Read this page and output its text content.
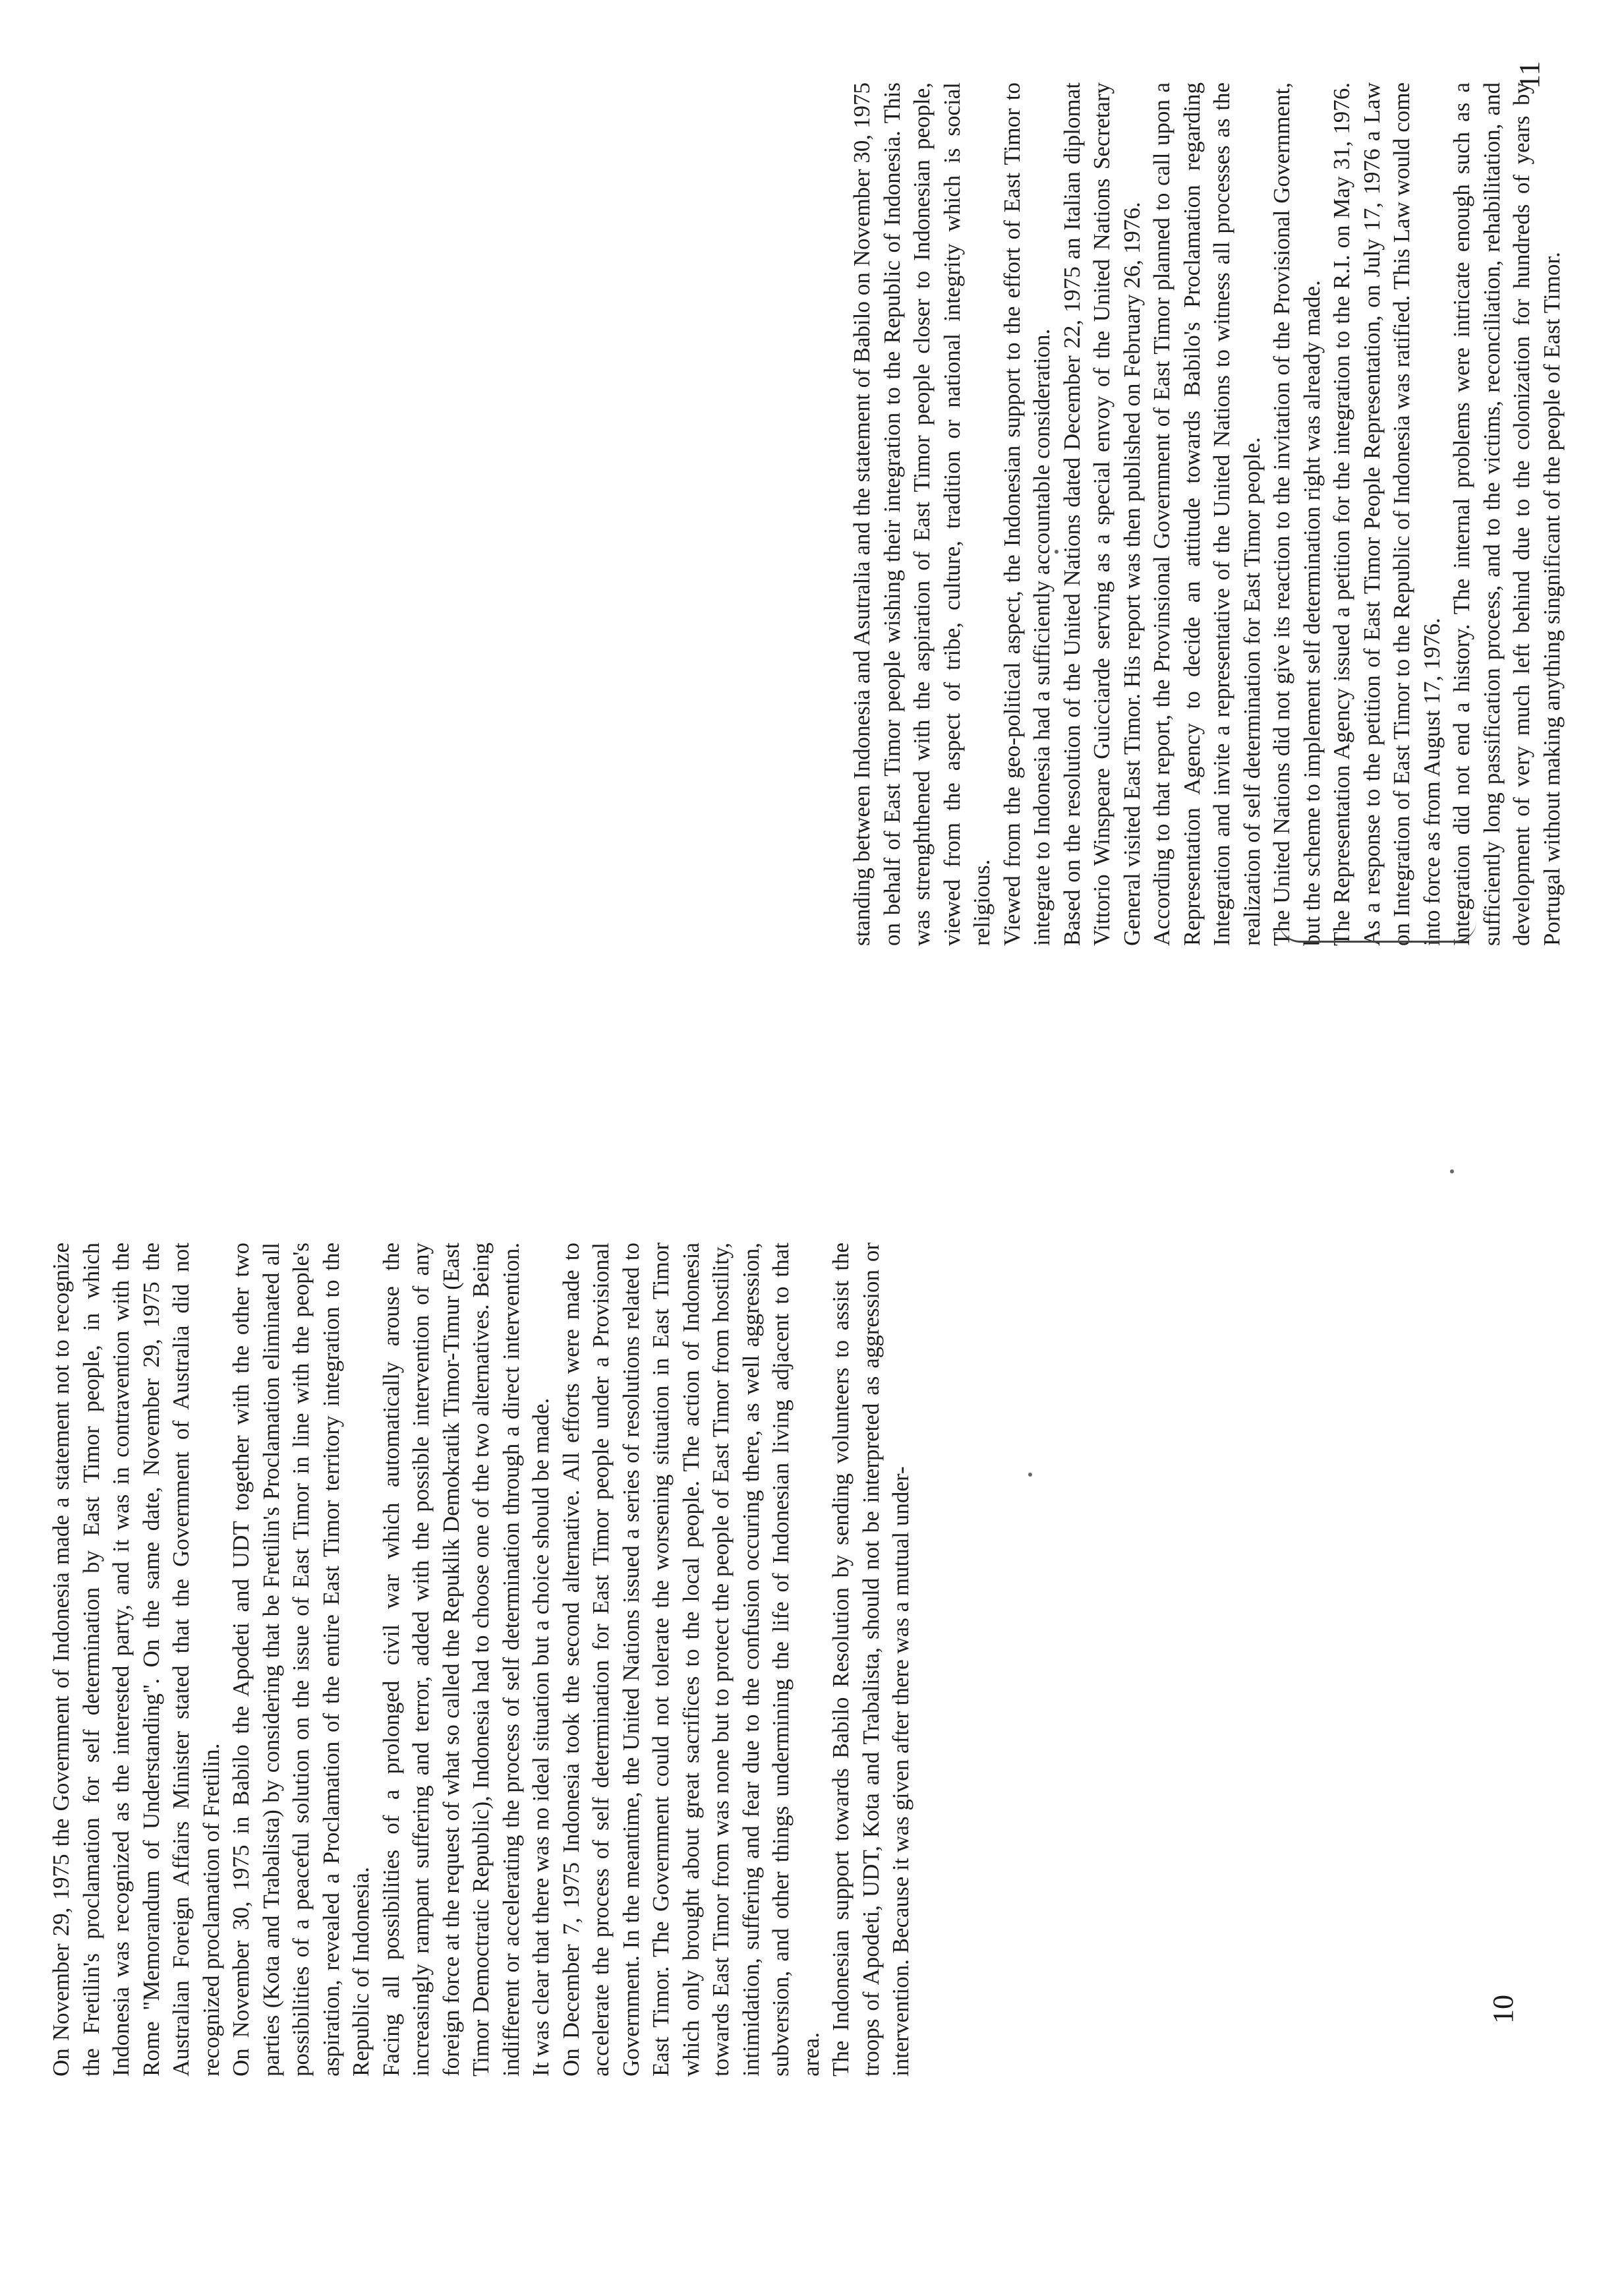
On November 29, 1975 the Government of Indonesia made a statement not to recognize the Fretilin's proclamation for self determination by East Timor people, in which Indonesia was recognized as the interested party, and it was in contravention with the Rome "Memorandum of Understanding". On the same date, November 29, 1975 the Australian Foreign Affairs Minister stated that the Government of Australia did not recognized proclamation of Fretilin. On November 30, 1975 in Babilo the Apodeti and UDT together with the other two parties (Kota and Trabalista) by considering that be Fretilin's Proclamation eliminated all possibilities of a peaceful solution on the issue of East Timor in line with the people's aspiration, revealed a Proclamation of the entire East Timor territory integration to the Republic of Indonesia. Facing all possibilities of a prolonged civil war which automatically arouse the increasingly rampant suffering and terror, added with the possible intervention of any foreign force at the request of what so called the Repuklik Demokratik Timor-Timur (East Timor Democtratic Republic), Indonesia had to choose one of the two alternatives. Being indifferent or accelerating the process of self determination through a direct intervention. It was clear that there was no ideal situation but a choice should be made. On December 7, 1975 Indonesia took the second alternative. All efforts were made to accelerate the process of self determination for East Timor people under a Provisional Government. In the meantime, the United Nations issued a series of resolutions related to East Timor. The Government could not tolerate the worsening situation in East Timor which only brought about great sacrifices to the local people. The action of Indonesia towards East Timor from was none but to protect the people of East Timor from hostility, intimidation, suffering and fear due to the confusion occuring there, as well aggression, subversion, and other things undermining the life of Indonesian living adjacent to that area. The Indonesian support towards Babilo Resolution by sending volunteers to assist the troops of Apodeti, UDT, Kota and Trabalista, should not be interpreted as aggression or intervention. Because it was given after there was a mutual under-	10

standing between Indonesia and Asutralia and the statement of Babilo on November 30, 1975 on behalf of East Timor people wishing their integration to the Republic of Indonesia. This was strenghthened with the aspiration of East Timor people closer to Indonesian people, viewed from the aspect of tribe, culture, tradition or national integrity which is social religious. Viewed from the geo-political aspect, the Indonesian support to the effort of East Timor to integrate to Indonesia had a sufficiently accountable consideration. Based on the resolution of the United Nations dated December 22, 1975 an Italian diplomat Vittorio Winspeare Guicciarde serving as a special envoy of the United Nations Secretary General visited East Timor. His report was then published on February 26, 1976. According to that report, the Provinsional Government of East Timor planned to call upon a Representation Agency to decide an attitude towards Babilo's Proclamation regarding Integration and invite a representative of the United Nations to witness all processes as the realization of self determination for East Timor people. The United Nations did not give its reaction to the invitation of the Provisional Government, but the scheme to implement self determination right was already made. The Representation Agency issued a petition for the integration to the R.I. on May 31, 1976. As a response to the petition of East Timor People Representation, on July 17, 1976 a Law on Integration of East Timor to the Republic of Indonesia was ratified. This Law would come into force as from August 17, 1976. Integration did not end a history. The internal problems were intricate enough such as a sufficiently long passification process, and to the victims, reconciliation, rehabilitation, and development of very much left behind due to the colonization for hundreds of years by Portugal without making anything singnificant of the people of East Timor.

11
